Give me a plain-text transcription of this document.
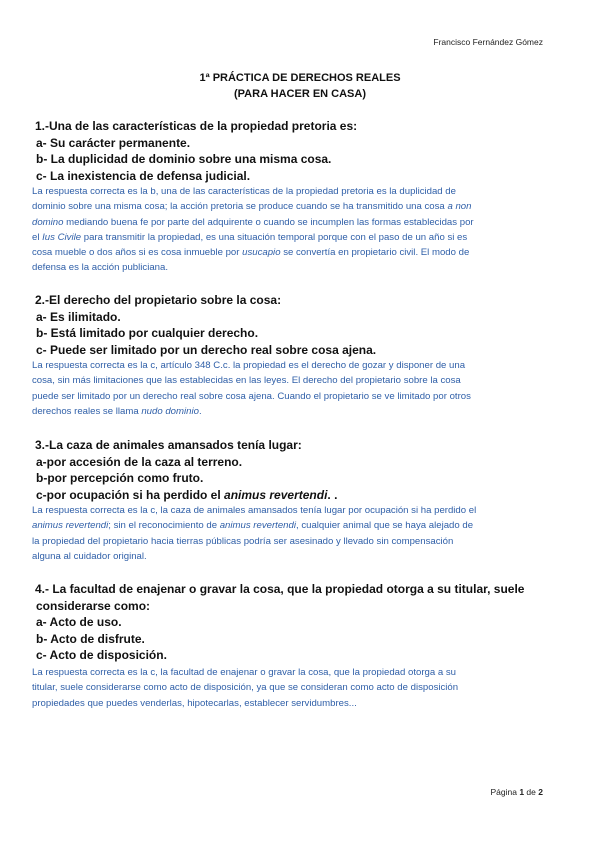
Francisco Fernández Gómez
1ª PRÁCTICA DE DERECHOS REALES
(PARA HACER EN CASA)
1.-Una de las características de la propiedad pretoria es:
a- Su carácter permanente.
b- La duplicidad de dominio sobre una misma cosa.
c- La inexistencia de defensa judicial.

La respuesta correcta es la b, una de las características de la propiedad pretoria es la duplicidad de

dominio sobre una misma cosa; la acción pretoria se produce cuando se ha transmitido una cosa a non

domino mediando buena fe por parte del adquirente o cuando se incumplen las formas establecidas por

el Ius Civile para transmitir la propiedad, es una situación temporal porque con el paso de un año si es

cosa mueble o dos años si es cosa inmueble por usucapio se convertía en propietario civil. El modo de

defensa es la acción publiciana.

2.-El derecho del propietario sobre la cosa:
a- Es ilimitado.
b- Está limitado por cualquier derecho.
c- Puede ser limitado por un derecho real sobre cosa ajena.

La respuesta correcta es la c, artículo 348 C.c. la propiedad es el derecho de gozar y disponer de una

cosa, sin más limitaciones que las establecidas en las leyes. El derecho del propietario sobre la cosa

puede ser limitado por un derecho real sobre cosa ajena. Cuando el propietario se ve limitado por otros

derechos reales se llama nudo dominio.

3.-La caza de animales amansados tenía lugar:
a-por accesión de la caza al terreno.
b-por percepción como fruto.
c-por ocupación si ha perdido el animus revertendi. .

La respuesta correcta es la c, la caza de animales amansados tenía lugar por ocupación si ha perdido el

animus revertendi; sin el reconocimiento de animus revertendi, cualquier animal que se haya alejado de

la propiedad del propietario hacia tierras públicas podría ser asesinado y llevado sin compensación

alguna al cuidador original.

4.- La facultad de enajenar o gravar la cosa, que la propiedad otorga a su titular, suele
considerarse como:
a- Acto de uso.
b- Acto de disfrute.
c- Acto de disposición.

La respuesta correcta es la c, la facultad de enajenar o gravar la cosa, que la propiedad otorga a su

titular, suele considerarse como acto de disposición, ya que se consideran como acto de disposición

propiedades que puedes venderlas, hipotecarlas, establecer servidumbres...

Página 1 de 2
